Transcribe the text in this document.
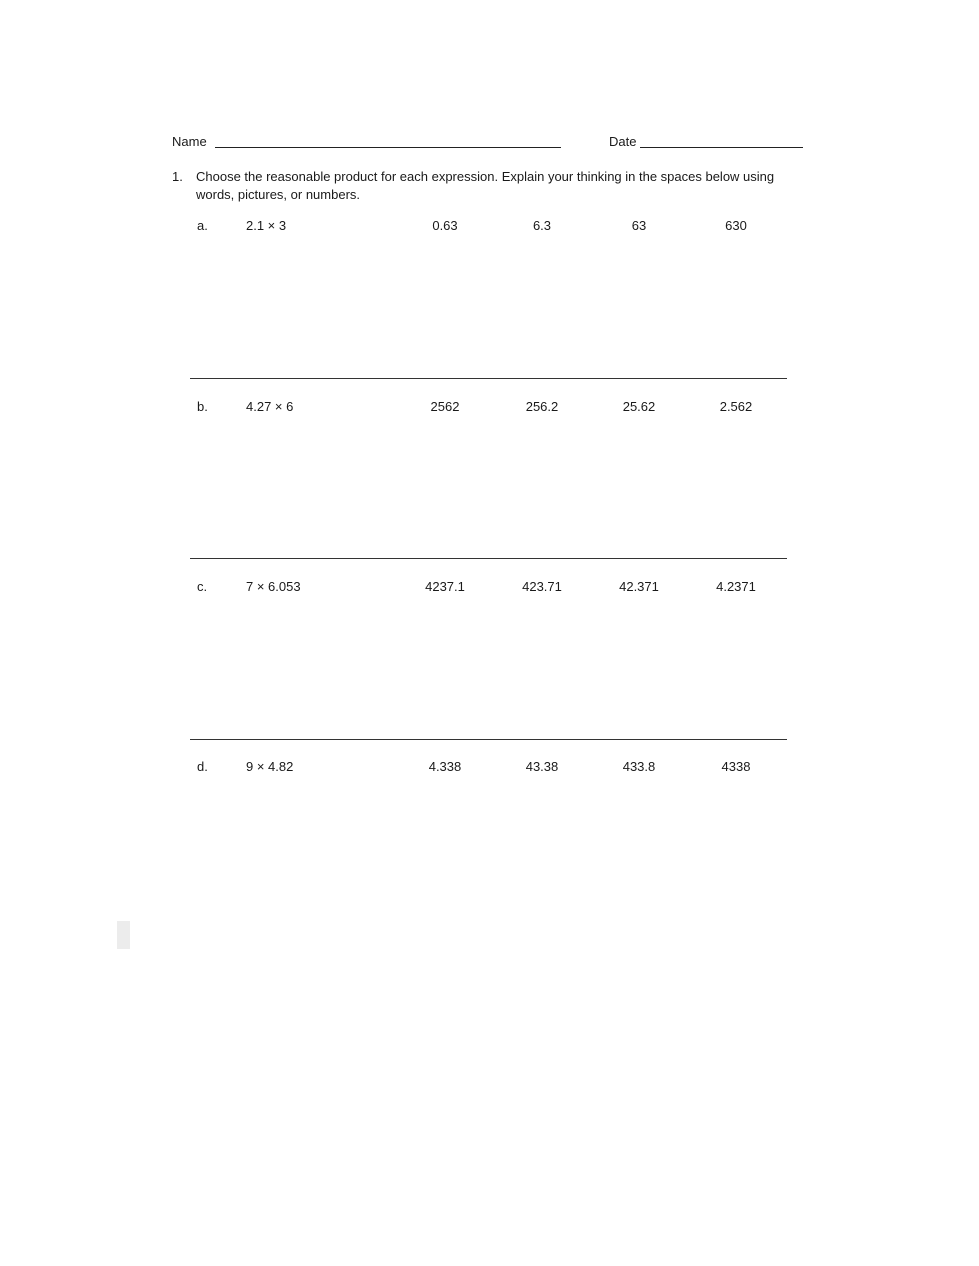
Name	Date
1. Choose the reasonable product for each expression. Explain your thinking in the spaces below using
words, pictures, or numbers.
a.	2.1 × 3	0.63	6.3	63	630
b.	4.27 × 6	2562	256.2	25.62	2.562
c.	7 × 6.053	4237.1	423.71	42.371	4.2371
d.	9 × 4.82	4.338	43.38	433.8	4338
